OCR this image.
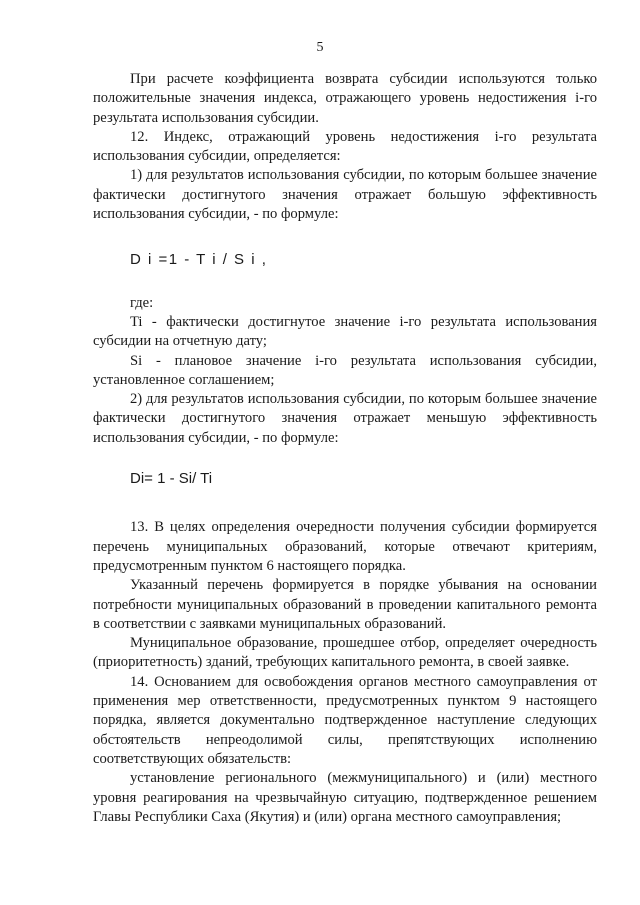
5

При расчете коэффициента возврата субсидии используются только положительные значения индекса, отражающего уровень недостижения i-го результата использования субсидии.

12. Индекс, отражающий уровень недостижения i-го результата использования субсидии, определяется:

1) для результатов использования субсидии, по которым большее значение фактически достигнутого значения отражает большую эффективность использования субсидии, - по формуле:

D i =1 - T i / S i ,

где:

Ti - фактически достигнутое значение i-го результата использования субсидии на отчетную дату;

Si - плановое значение i-го результата использования субсидии, установленное соглашением;

2) для результатов использования субсидии, по которым большее значение фактически достигнутого значения отражает меньшую эффективность использования субсидии, - по формуле:

Di= 1 - Si/ Ti

13. В целях определения очередности получения субсидии формируется перечень муниципальных образований, которые отвечают критериям, предусмотренным пунктом 6 настоящего порядка.

Указанный перечень формируется в порядке убывания на основании потребности муниципальных образований в проведении капитального ремонта в соответствии с заявками муниципальных образований.

Муниципальное образование, прошедшее отбор, определяет очередность (приоритетность) зданий, требующих капитального ремонта, в своей заявке.

14. Основанием для освобождения органов местного самоуправления от применения мер ответственности, предусмотренных пунктом 9 настоящего порядка, является документально подтвержденное наступление следующих обстоятельств непреодолимой силы, препятствующих исполнению соответствующих обязательств:

установление регионального (межмуниципального) и (или) местного уровня реагирования на чрезвычайную ситуацию, подтвержденное решением Главы Республики Саха (Якутия) и (или) органа местного самоуправления;
